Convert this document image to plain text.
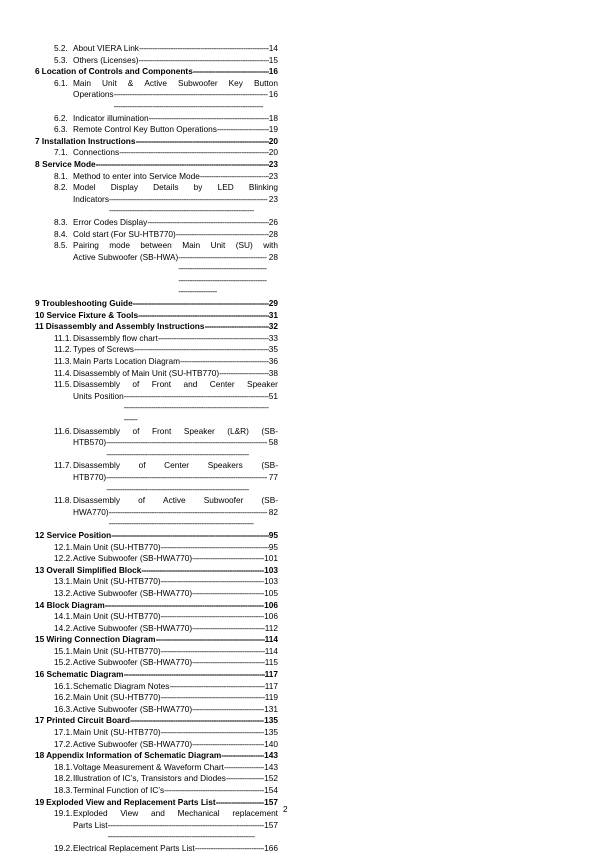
5.2. About VIERA Link -----	14
5.3. Others (Licenses) -----	15
6 Location of Controls and Components -----	16
6.1. Main Unit & Active Subwoofer Key Button
Operations -----	16
6.2. Indicator illumination -----	18
6.3. Remote Control Key Button Operations -----	19
7 Installation Instructions -----	20
7.1. Connections -----	20
8 Service Mode -----	23
8.1. Method to enter into Service Mode -----	23
8.2. Model Display Details by LED Blinking
Indicators -----	23
8.3. Error Codes Display -----	26
8.4. Cold start (For SU-HTB770) -----	28
8.5. Pairing mode between Main Unit (SU) with
Active Subwoofer (SB-HWA) -----	28
9 Troubleshooting Guide -----	29
10 Service Fixture & Tools -----	31
11 Disassembly and Assembly Instructions -----	32
11.1. Disassembly flow chart -----	33
11.2. Types of Screws -----	35
11.3. Main Parts Location Diagram -----	36
11.4. Disassembly of Main Unit (SU-HTB770) -----	38
11.5. Disassembly of Front and Center Speaker
Units Position -----	51
11.6. Disassembly of Front Speaker (L&R) (SB-
HTB570) -----	58
11.7. Disassembly of Center Speakers (SB-
HTB770) -----	77
11.8. Disassembly of Active Subwoofer (SB-
HWA770) -----	82
12 Service Position -----	95
12.1. Main Unit (SU-HTB770) -----	95
12.2. Active Subwoofer (SB-HWA770) -----	101
13 Overall Simplified Block -----	103
13.1. Main Unit (SU-HTB770) -----	103
13.2. Active Subwoofer (SB-HWA770) -----	105
14 Block Diagram -----	106
14.1. Main Unit (SU-HTB770) -----	106
14.2. Active Subwoofer (SB-HWA770) -----	112
15 Wiring Connection Diagram -----	114
15.1. Main Unit (SU-HTB770) -----	114
15.2. Active Subwoofer (SB-HWA770) -----	115
16 Schematic Diagram -----	117
16.1. Schematic Diagram Notes -----	117
16.2. Main Unit (SU-HTB770) -----	119
16.3. Active Subwoofer (SB-HWA770) -----	131
17 Printed Circuit Board -----	135
17.1. Main Unit (SU-HTB770) -----	135
17.2. Active Subwoofer (SB-HWA770) -----	140
18 Appendix Information of Schematic Diagram -----	143
18.1. Voltage Measurement & Waveform Chart -----	143
18.2. Illustration of IC’s, Transistors and Diodes -----	152
18.3. Terminal Function of IC’s -----	154
19 Exploded View and Replacement Parts List -----	157
19.1. Exploded View and Mechanical replacement
Parts List -----	157
19.2. Electrical Replacement Parts List -----	166
2
